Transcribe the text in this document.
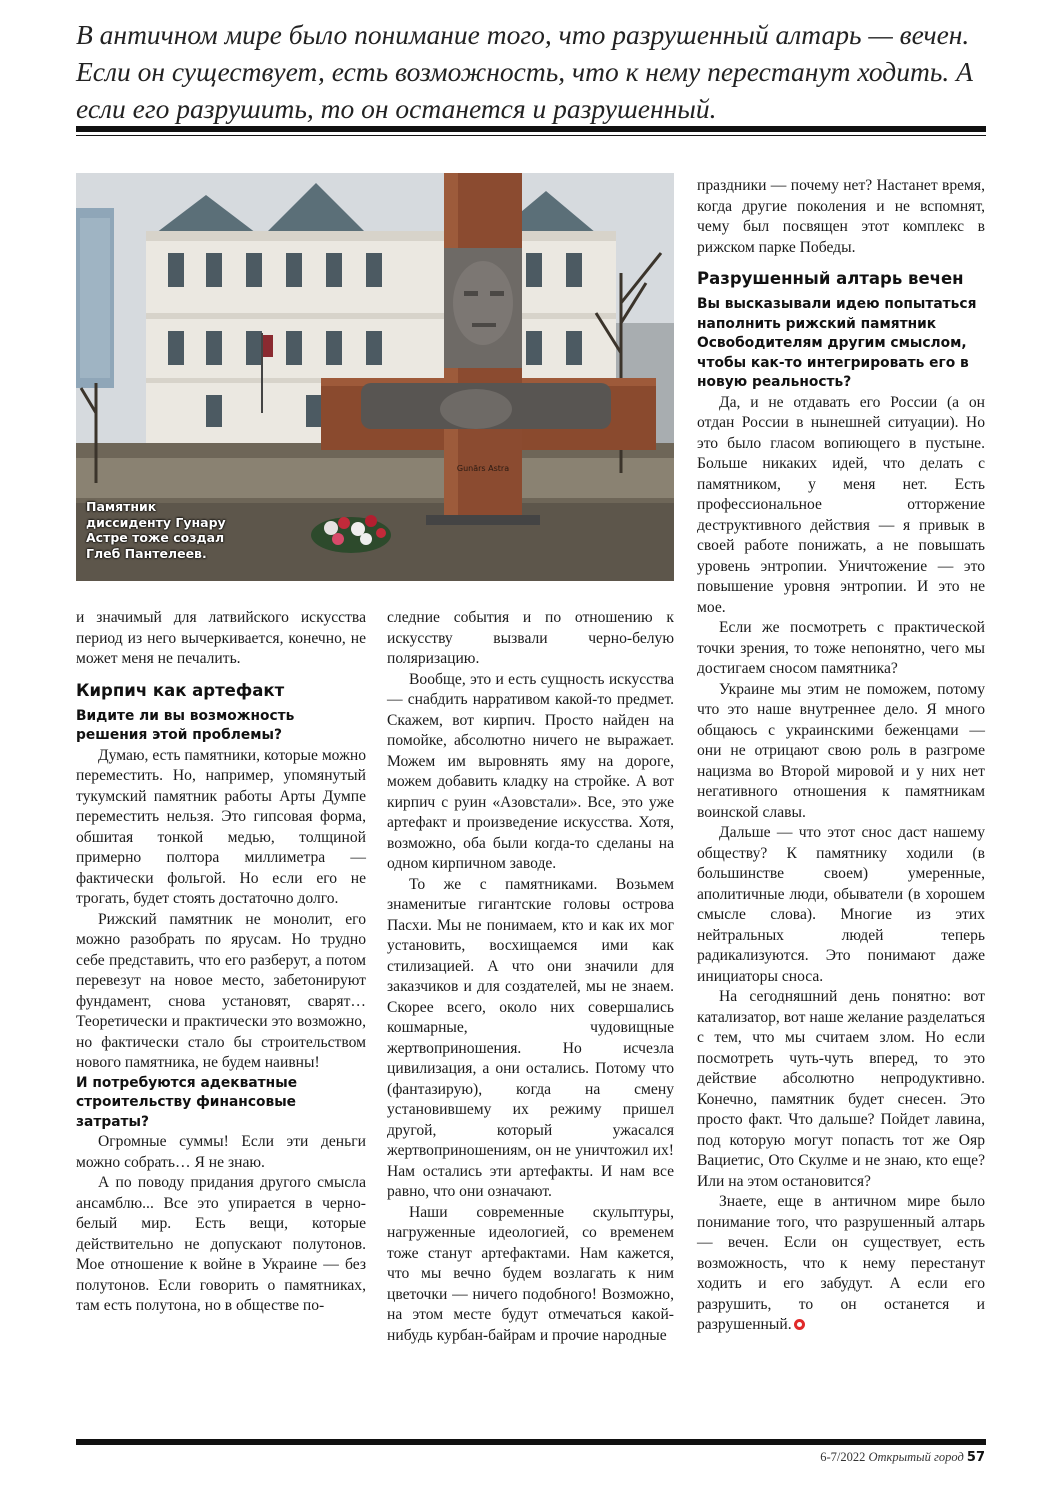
В античном мире было понимание того, что разрушенный алтарь — вечен. Если он существует, есть возможность, что к нему перестанут ходить. А если его разрушить, то он останется и разрушенный.
Gunārs Astra
Памятник
диссиденту Гунару
Астре тоже создал
Глеб Пантелеев.

и значимый для латвийского искусства период из него вычеркивается, конечно, не может меня не печалить.

Кирпич как артефакт

Видите ли вы возможность решения этой проблемы?

Думаю, есть памятники, которые можно переместить. Но, например, упомянутый тукумский памятник работы Арты Думпе переместить нельзя. Это гипсовая форма, обшитая тонкой медью, толщиной примерно полтора миллиметра — фактически фольгой. Но если его не трогать, будет стоять достаточно долго.

Рижский памятник не монолит, его можно разобрать по ярусам. Но трудно себе представить, что его разберут, а потом перевезут на новое место, забетонируют фундамент, снова установят, сварят… Теоретически и практически это возможно, но фактически стало бы строительством нового памятника, не будем наивны!

И потребуются адекватные строительству финансовые затраты?

Огромные суммы! Если эти деньги можно собрать… Я не знаю.

А по поводу придания другого смысла ансамблю... Все это упирается в черно-белый мир. Есть вещи, которые действительно не допускают полутонов. Мое отношение к войне в Украине — без полутонов. Если говорить о памятниках, там есть полутона, но в обществе по-

следние события и по отношению к искусству вызвали черно-белую поляризацию.

Вообще, это и есть сущность искусства — снабдить нарративом какой-то предмет. Скажем, вот кирпич. Просто найден на помойке, абсолютно ничего не выражает. Можем им выровнять яму на дороге, можем добавить кладку на стройке. А вот кирпич с руин «Азовстали». Все, это уже артефакт и произведение искусства. Хотя, возможно, оба были когда-то сделаны на одном кирпичном заводе.

То же с памятниками. Возьмем знаменитые гигантские головы острова Пасхи. Мы не понимаем, кто и как их мог установить, восхищаемся ими как стилизацией. А что они значили для заказчиков и для создателей, мы не знаем. Скорее всего, около них совершались кошмарные, чудовищные жертвоприношения. Но исчезла цивилизация, а они остались. Потому что (фантазирую), когда на смену установившему их режиму пришел другой, который ужасался жертвоприношениям, он не уничтожил их! Нам остались эти артефакты. И нам все равно, что они означают.

Наши современные скульптуры, нагруженные идеологией, со временем тоже станут артефактами. Нам кажется, что мы вечно будем возлагать к ним цветочки — ничего подобного! Возможно, на этом месте будут отмечаться какой-нибудь курбан-байрам и прочие народные

праздники — почему нет? Настанет время, когда другие поколения и не вспомнят, чему был посвящен этот комплекс в рижском парке Победы.

Разрушенный алтарь вечен

Вы высказывали идею попытаться наполнить рижский памятник Освободителям другим смыслом, чтобы как-то интегрировать его в новую реальность?

Да, и не отдавать его России (а он отдан России в нынешней ситуации). Но это было гласом вопиющего в пустыне. Больше никаких идей, что делать с памятником, у меня нет. Есть профессиональное отторжение деструктивного действия — я привык в своей работе понижать, а не повышать уровень энтропии. Уничтожение — это повышение уровня энтропии. И это не мое.

Если же посмотреть с практической точки зрения, то тоже непонятно, чего мы достигаем сносом памятника?

Украине мы этим не поможем, потому что это наше внутреннее дело. Я много общаюсь с украинскими беженцами — они не отрицают свою роль в разгроме нацизма во Второй мировой и у них нет негативного отношения к памятникам воинской славы.

Дальше — что этот снос даст нашему обществу? К памятнику ходили (в большинстве своем) умеренные, аполитичные люди, обыватели (в хорошем смысле слова). Многие из этих нейтральных людей теперь радикализуются. Это понимают даже инициаторы сноса.

На сегодняшний день понятно: вот катализатор, вот наше желание разделаться с тем, что мы считаем злом. Но если посмотреть чуть-чуть вперед, то это действие абсолютно непродуктивно. Конечно, памятник будет снесен. Это просто факт. Что дальше? Пойдет лавина, под которую могут попасть тот же Ояр Вациетис, Ото Скулме и не знаю, кто еще? Или на этом остановится?

Знаете, еще в античном мире было понимание того, что разрушенный алтарь — вечен. Если он существует, есть возможность, что к нему перестанут ходить и его забудут. А если его разрушить, то он останется и разрушенный.

6-7/2022 Открытый город 57
